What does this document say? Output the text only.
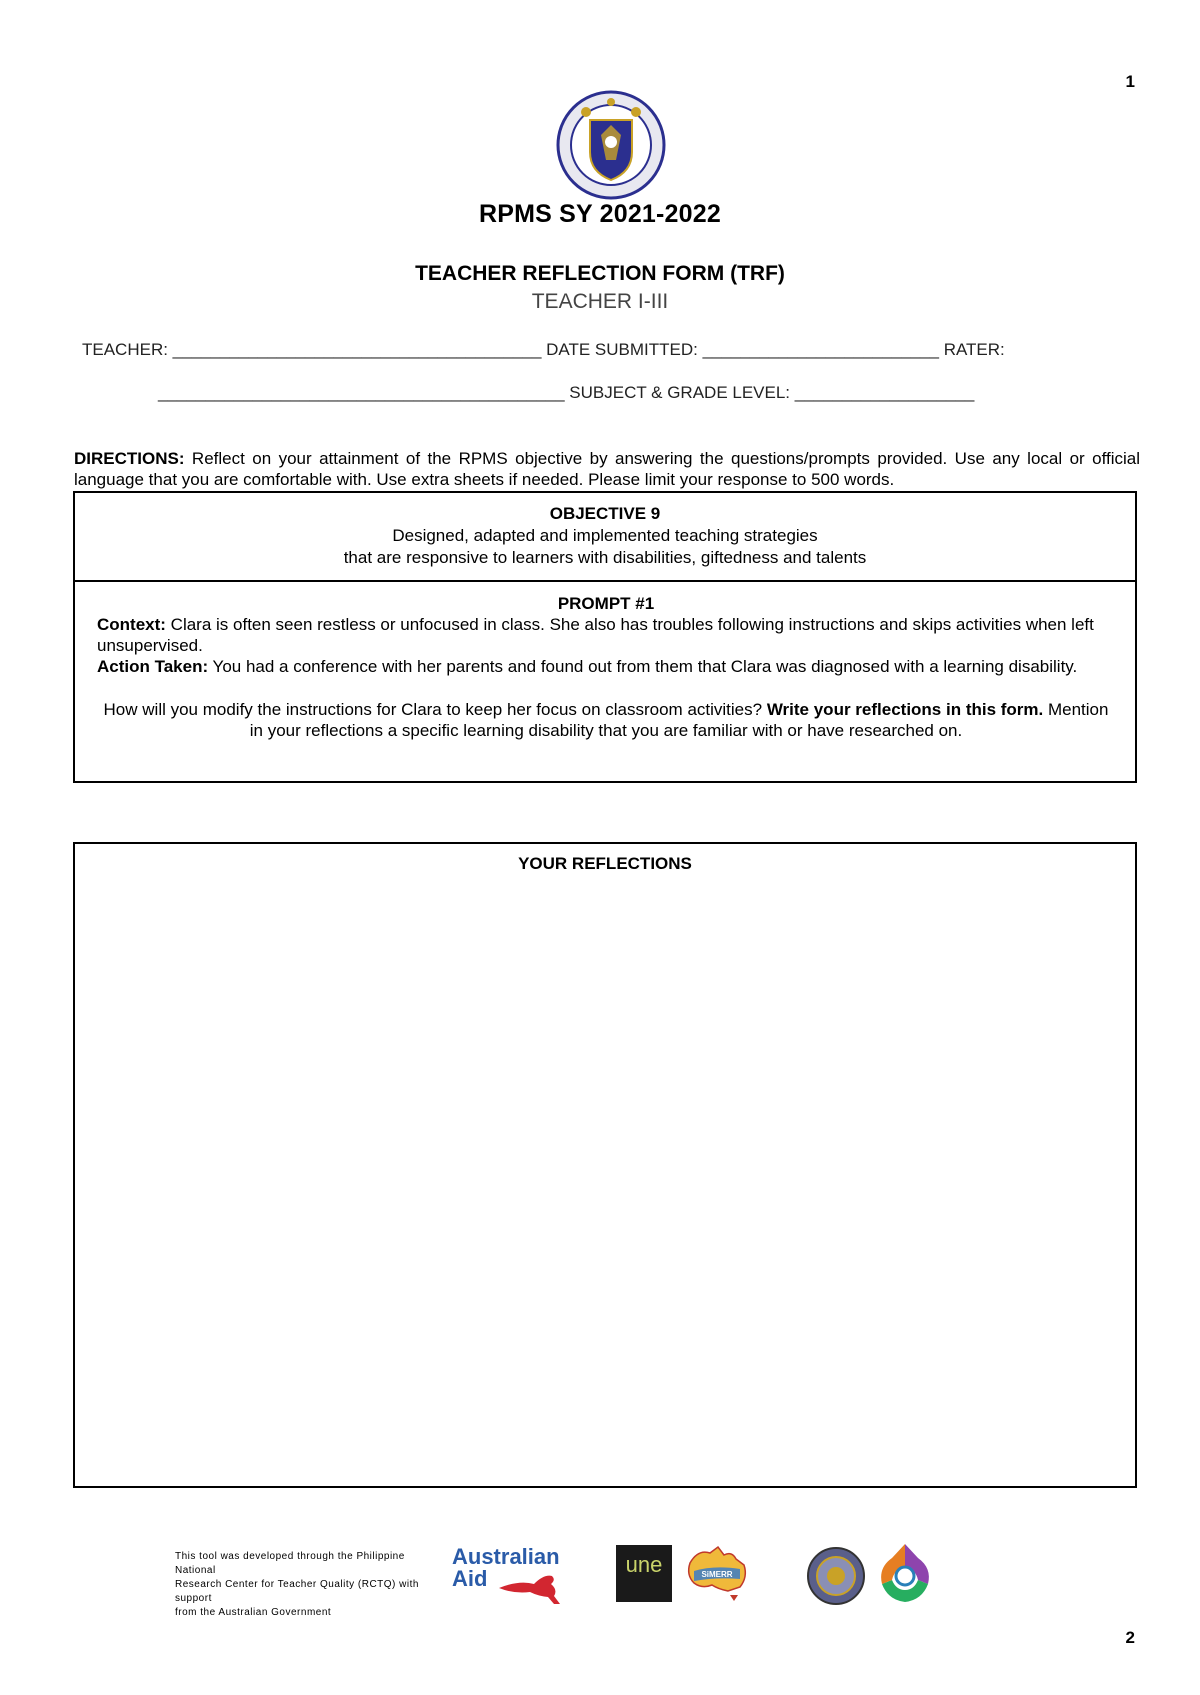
1
2
RPMS SY 2021-2022
TEACHER REFLECTION FORM (TRF)
TEACHER I-III
TEACHER: _______________________________________ DATE SUBMITTED: _________________________ RATER:
___________________________________________ SUBJECT & GRADE LEVEL: ___________________
DIRECTIONS: Reflect on your attainment of the RPMS objective by answering the questions/prompts provided. Use any local or official language that you are comfortable with. Use extra sheets if needed. Please limit your response to 500 words.
OBJECTIVE 9
Designed, adapted and implemented teaching strategies
that are responsive to learners with disabilities, giftedness and talents
PROMPT #1
Context: Clara is often seen restless or unfocused in class. She also has troubles following instructions and skips activities when left unsupervised.
Action Taken: You had a conference with her parents and found out from them that Clara was diagnosed with a learning disability.
How will you modify the instructions for Clara to keep her focus on classroom activities? Write your reflections in this form. Mention in your reflections a specific learning disability that you are familiar with or have researched on.
YOUR REFLECTIONS
This tool was developed through the Philippine National
Research Center for Teacher Quality (RCTQ) with support
from the Australian Government
Australian
Aid
une	SiMERR
